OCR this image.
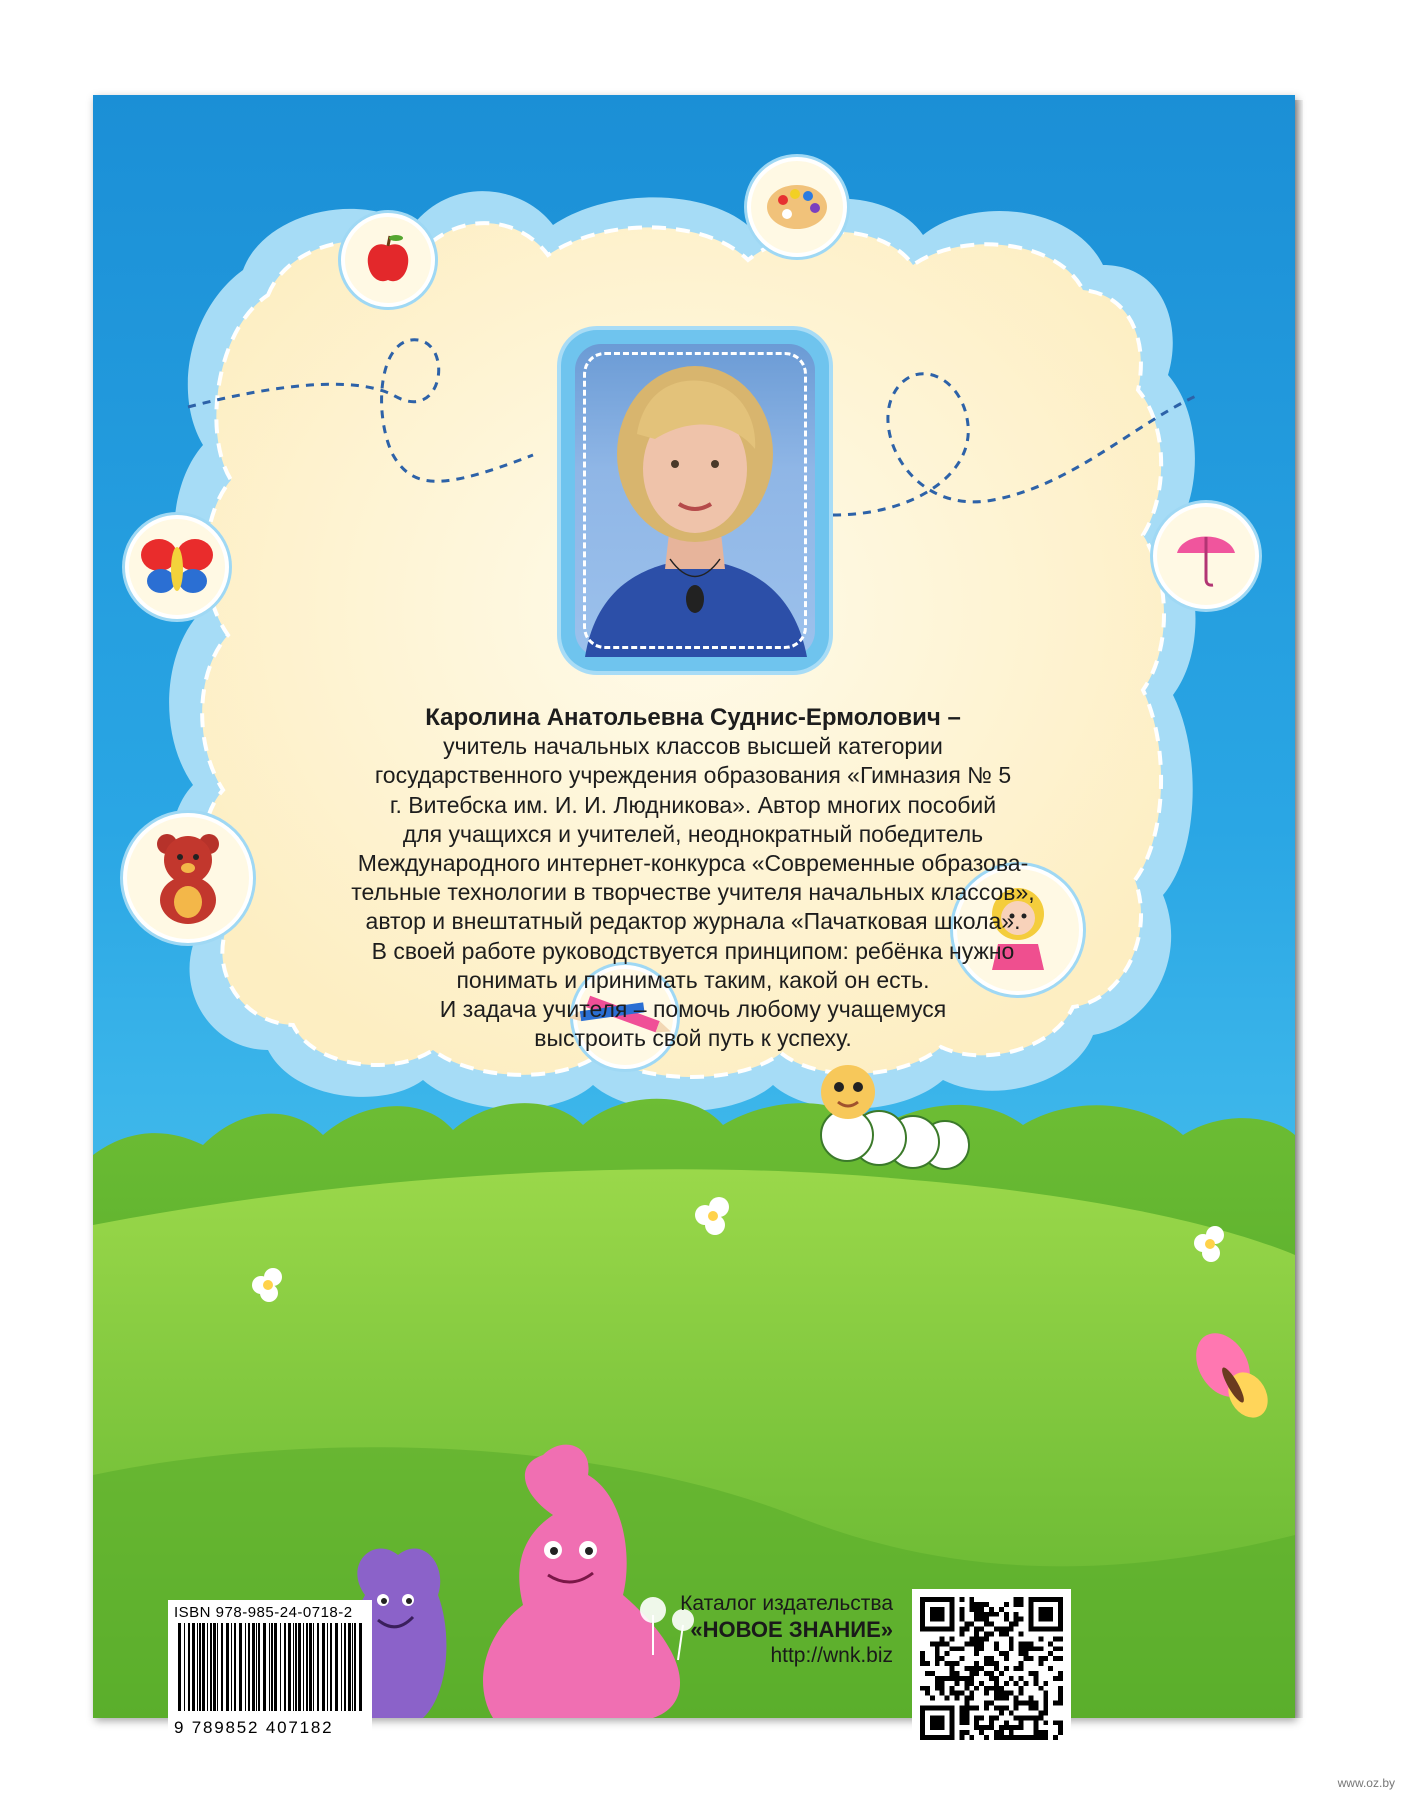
Каролина Анатольевна Суднис-Ермолович –
учитель начальных классов высшей категории
государственного учреждения образования «Гимназия № 5
г. Витебска им. И. И. Людникова». Автор многих пособий
для учащихся и учителей, неоднократный победитель
Международного интернет-конкурса «Современные образова-
тельные технологии в творчестве учителя начальных классов»,
автор и внештатный редактор журнала «Пачатковая школа».
В своей работе руководствуется принципом: ребёнка нужно
понимать и принимать таким, какой он есть.
И задача учителя – помочь любому учащемуся
выстроить свой путь к успеху.
ISBN 978-985-24-0718-2
9 789852 407182
Каталог издательства
«НОВОЕ ЗНАНИЕ»
http://wnk.biz
www.oz.by
